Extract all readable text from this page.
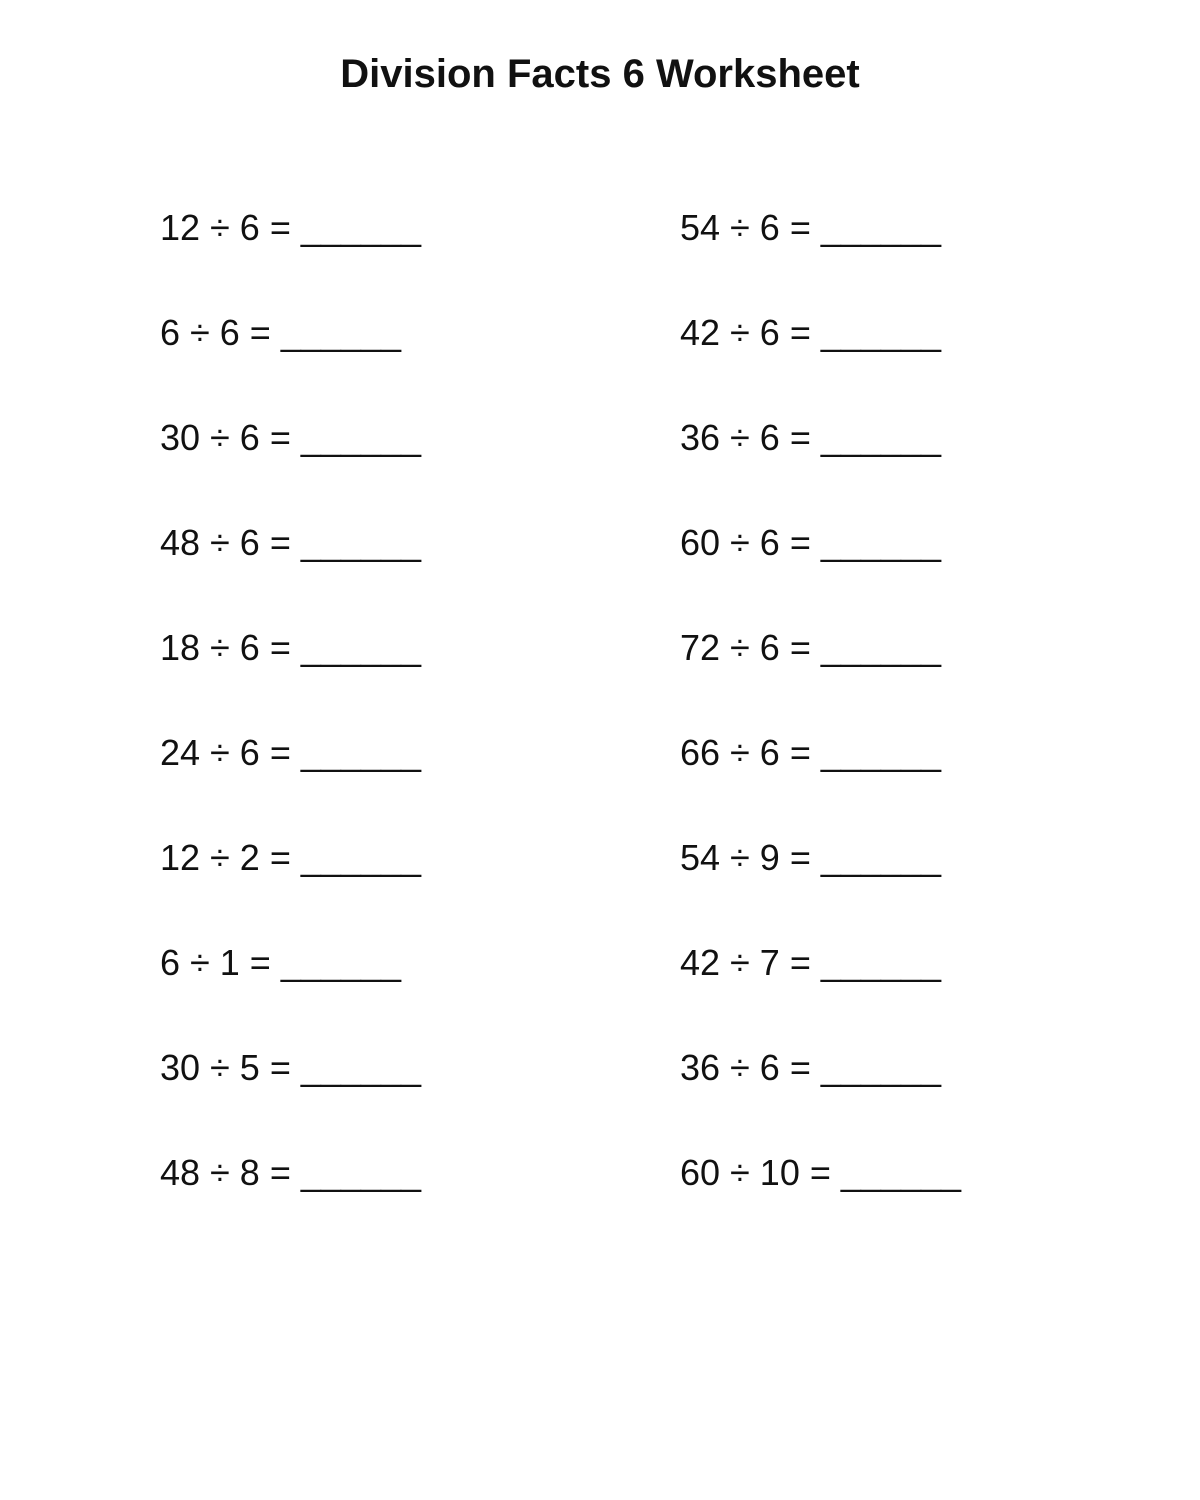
Division Facts 6 Worksheet
12 ÷ 6 = ______
6 ÷ 6 = ______
30 ÷ 6 = ______
48 ÷ 6 = ______
18 ÷ 6 = ______
24 ÷ 6 = ______
12 ÷ 2 = ______
6 ÷ 1 = ______
30 ÷ 5 = ______
48 ÷ 8 = ______
54 ÷ 6 = ______
42 ÷ 6 = ______
36 ÷ 6 = ______
60 ÷ 6 = ______
72 ÷ 6 = ______
66 ÷ 6 = ______
54 ÷ 9 = ______
42 ÷ 7 = ______
36 ÷ 6 = ______
60 ÷ 10 = ______
